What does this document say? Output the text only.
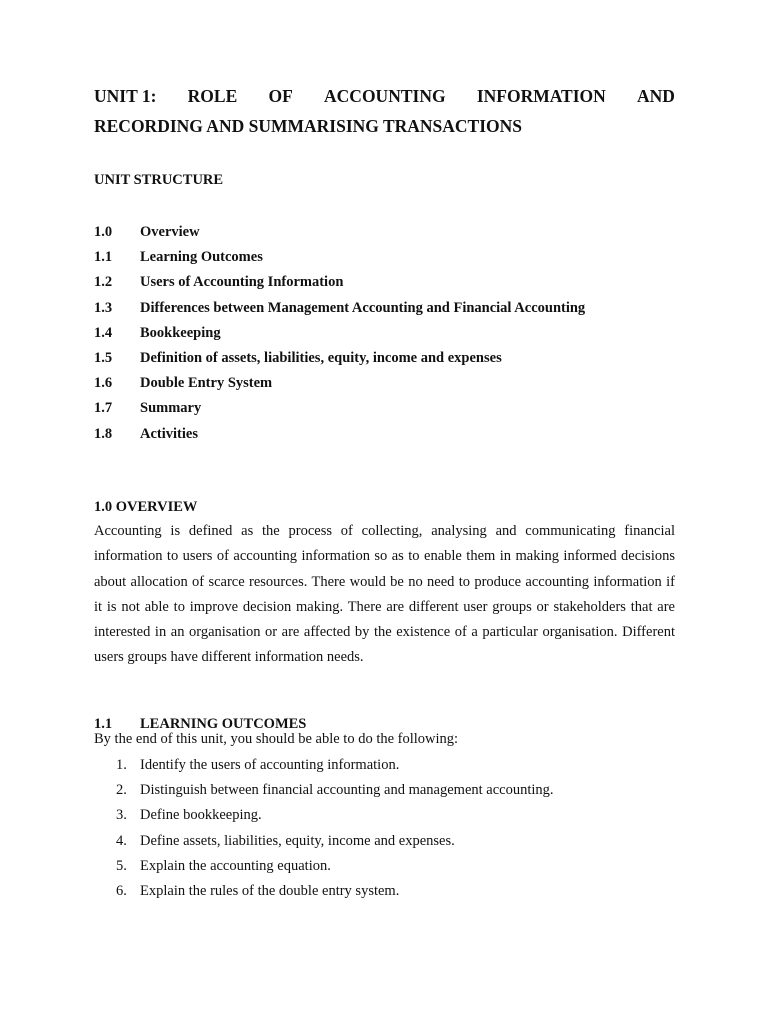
UNIT 1: ROLE OF ACCOUNTING INFORMATION AND
RECORDING AND SUMMARISING TRANSACTIONS
UNIT STRUCTURE
1.0	Overview
1.1	Learning Outcomes
1.2	Users of Accounting Information
1.3	Differences between Management Accounting and Financial Accounting
1.4	Bookkeeping
1.5	Definition of assets, liabilities, equity, income and expenses
1.6	Double Entry System
1.7	Summary
1.8	Activities
1.0 OVERVIEW

Accounting is defined as the process of collecting, analysing and communicating financial information to users of accounting information so as to enable them in making informed decisions about allocation of scarce resources. There would be no need to produce accounting information if it is not able to improve decision making. There are different user groups or stakeholders that are interested in an organisation or are affected by the existence of a particular organisation. Different users groups have different information needs.

1.1	LEARNING OUTCOMES

By the end of this unit, you should be able to do the following:

1. Identify the users of accounting information.
2. Distinguish between financial accounting and management accounting.
3. Define bookkeeping.
4. Define assets, liabilities, equity, income and expenses.
5. Explain the accounting equation.
6. Explain the rules of the double entry system.
